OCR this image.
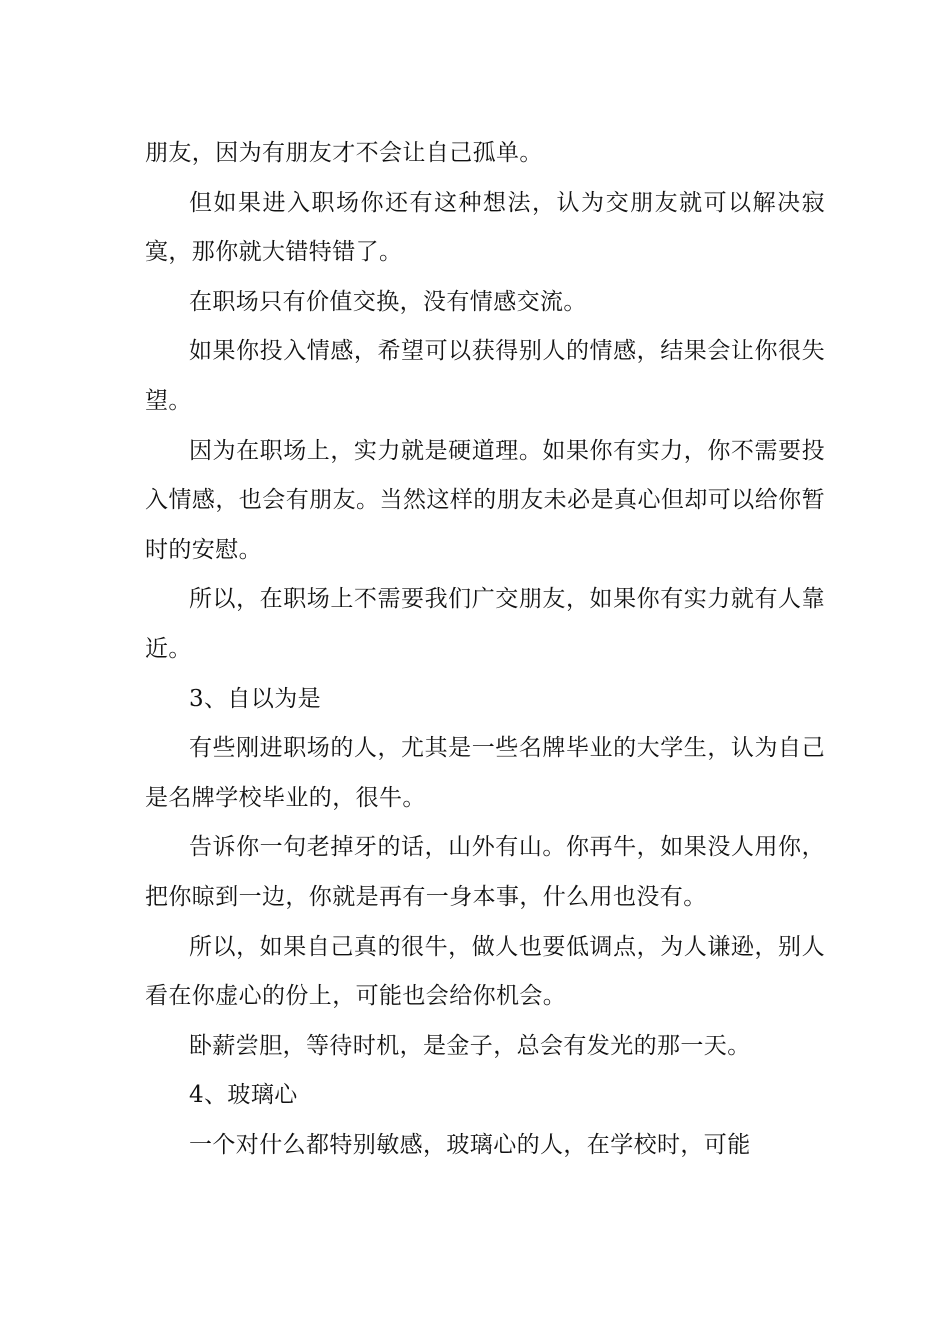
朋友，因为有朋友才不会让自己孤单。

但如果进入职场你还有这种想法，认为交朋友就可以解决寂寞，那你就大错特错了。

在职场只有价值交换，没有情感交流。

如果你投入情感，希望可以获得别人的情感，结果会让你很失望。

因为在职场上，实力就是硬道理。如果你有实力，你不需要投入情感，也会有朋友。当然这样的朋友未必是真心但却可以给你暂时的安慰。

所以，在职场上不需要我们广交朋友，如果你有实力就有人靠近。

3、自以为是

有些刚进职场的人，尤其是一些名牌毕业的大学生，认为自己是名牌学校毕业的，很牛。

告诉你一句老掉牙的话，山外有山。你再牛，如果没人用你，把你晾到一边，你就是再有一身本事，什么用也没有。

所以，如果自己真的很牛，做人也要低调点，为人谦逊，别人看在你虚心的份上，可能也会给你机会。

卧薪尝胆，等待时机，是金子，总会有发光的那一天。

4、玻璃心

一个对什么都特别敏感，玻璃心的人，在学校时，可能
